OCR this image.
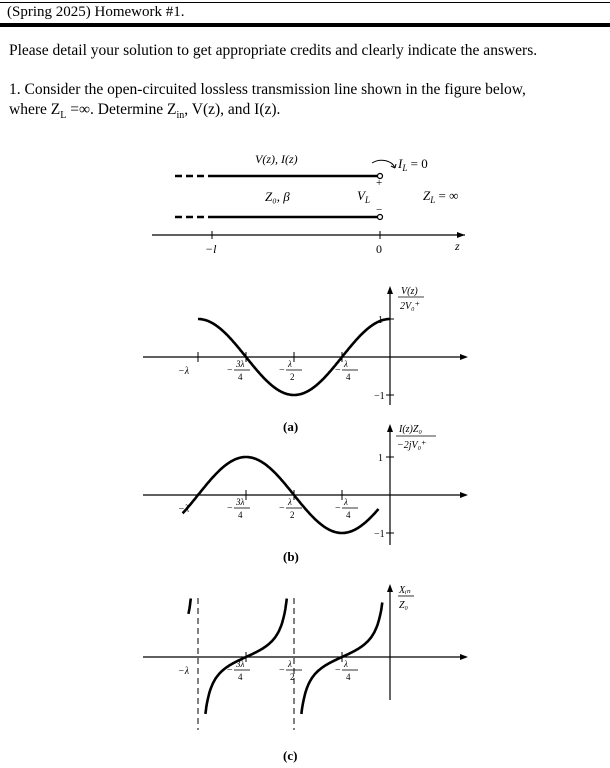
(Spring 2025) Homework #1.
Please detail your solution to get appropriate credits and clearly indicate the answers.
1. Consider the open-circuited lossless transmission line shown in the figure below,
where $Z_L$ =∞. Determine $Z_{in}$, V(z), and I(z).
V(z), I(z)
Z₀, β
+
−
$I_L = 0$
$V_L$	$Z_L$ = ∞
−l	0	z
V(z)
2V₀⁺
1
−1
(a)	I(z)Z₀
−2jV₀⁺
1
−1
(b)
Xᵢₙ
Z₀
(c)
−λ	−
3λ
4
−
λ
2
−
λ
4
−λ	−
3λ
4
−
λ
2
−
λ
4
−λ	−
3λ
4
−
λ
2
−
λ
4
